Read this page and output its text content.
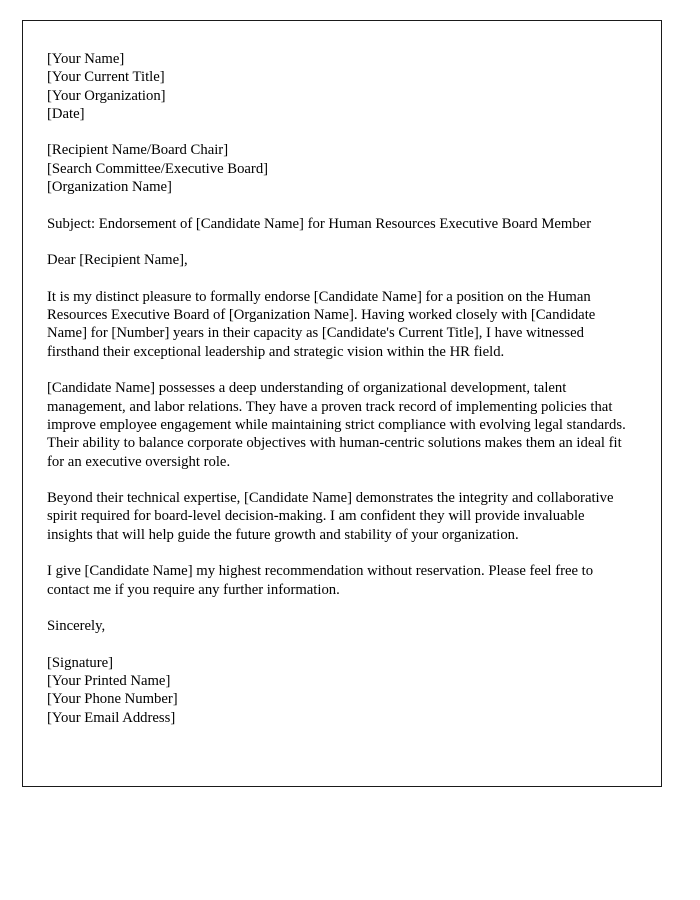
[Your Name]
[Your Current Title]
[Your Organization]
[Date]
[Recipient Name/Board Chair]
[Search Committee/Executive Board]
[Organization Name]
Subject: Endorsement of [Candidate Name] for Human Resources Executive Board Member
Dear [Recipient Name],
It is my distinct pleasure to formally endorse [Candidate Name] for a position on the Human Resources Executive Board of [Organization Name]. Having worked closely with [Candidate Name] for [Number] years in their capacity as [Candidate's Current Title], I have witnessed firsthand their exceptional leadership and strategic vision within the HR field.
[Candidate Name] possesses a deep understanding of organizational development, talent management, and labor relations. They have a proven track record of implementing policies that improve employee engagement while maintaining strict compliance with evolving legal standards. Their ability to balance corporate objectives with human-centric solutions makes them an ideal fit for an executive oversight role.
Beyond their technical expertise, [Candidate Name] demonstrates the integrity and collaborative spirit required for board-level decision-making. I am confident they will provide invaluable insights that will help guide the future growth and stability of your organization.
I give [Candidate Name] my highest recommendation without reservation. Please feel free to contact me if you require any further information.
Sincerely,
[Signature]
[Your Printed Name]
[Your Phone Number]
[Your Email Address]
